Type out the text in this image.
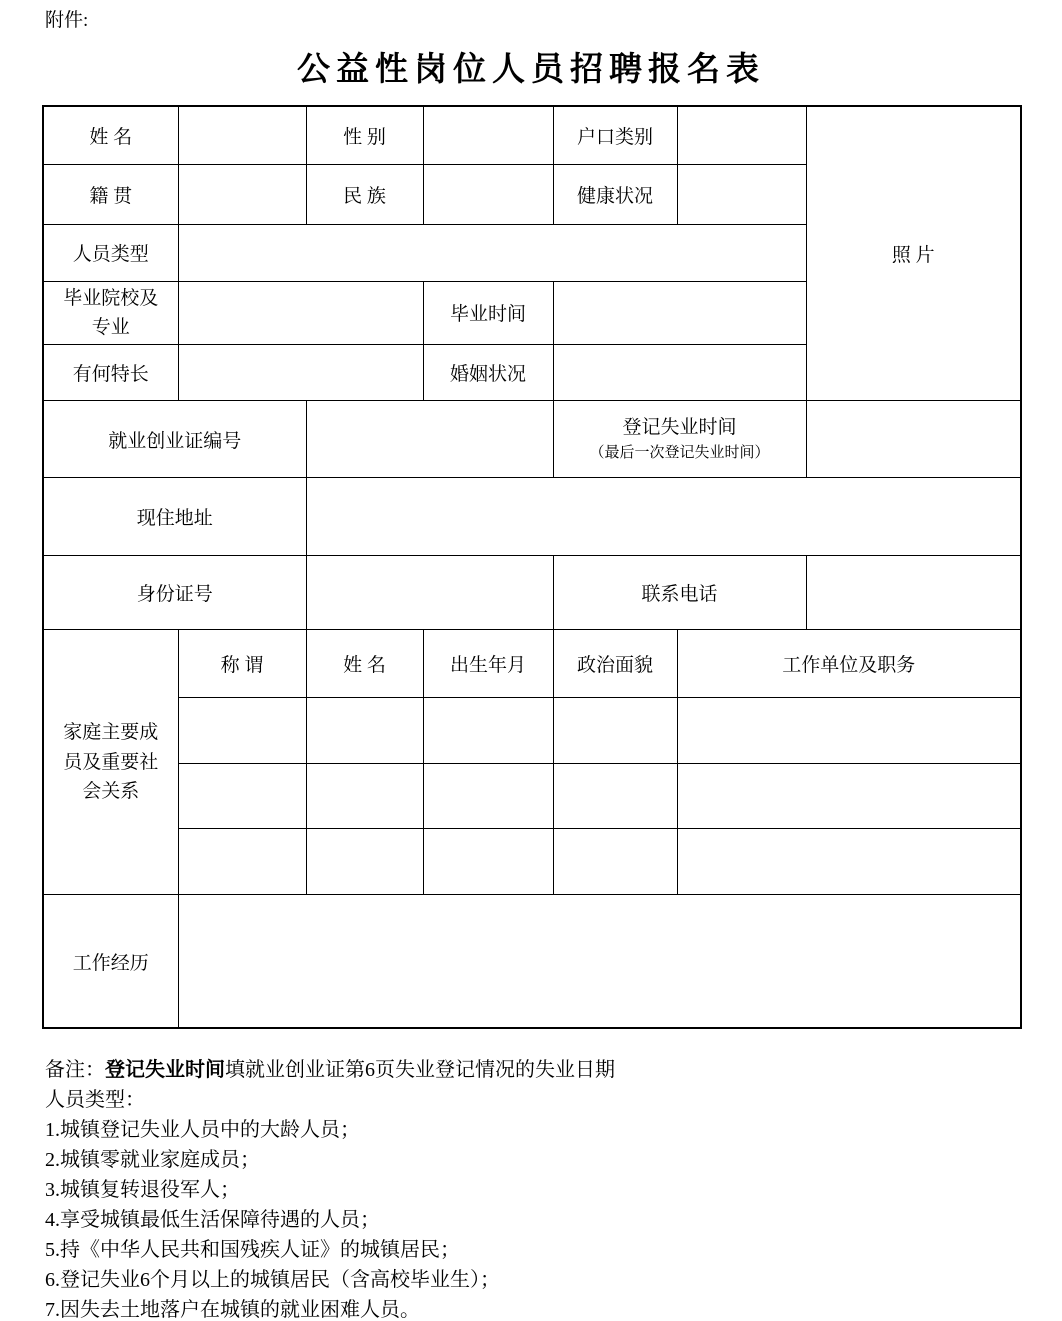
附件:
公益性岗位人员招聘报名表
姓 名		性 别		户口类别		照 片
籍 贯		民 族		健康状况		
人员类型						
毕业院校及专业			毕业时间			
有何特长			婚姻状况			
就业创业证编号				登记失业时间
（最后一次登记失业时间）		

现住地址						
身份证号				联系电话		
家庭主要成员及重要社会关系	称 谓	姓 名	出生年月	政治面貌	工作单位及职务	

工作经历						
备注：登记失业时间填就业创业证第6页失业登记情况的失业日期
人员类型：
1.城镇登记失业人员中的大龄人员；
2.城镇零就业家庭成员；
3.城镇复转退役军人；
4.享受城镇最低生活保障待遇的人员；
5.持《中华人民共和国残疾人证》的城镇居民；
6.登记失业6个月以上的城镇居民（含高校毕业生）；
7.因失去土地落户在城镇的就业困难人员。
